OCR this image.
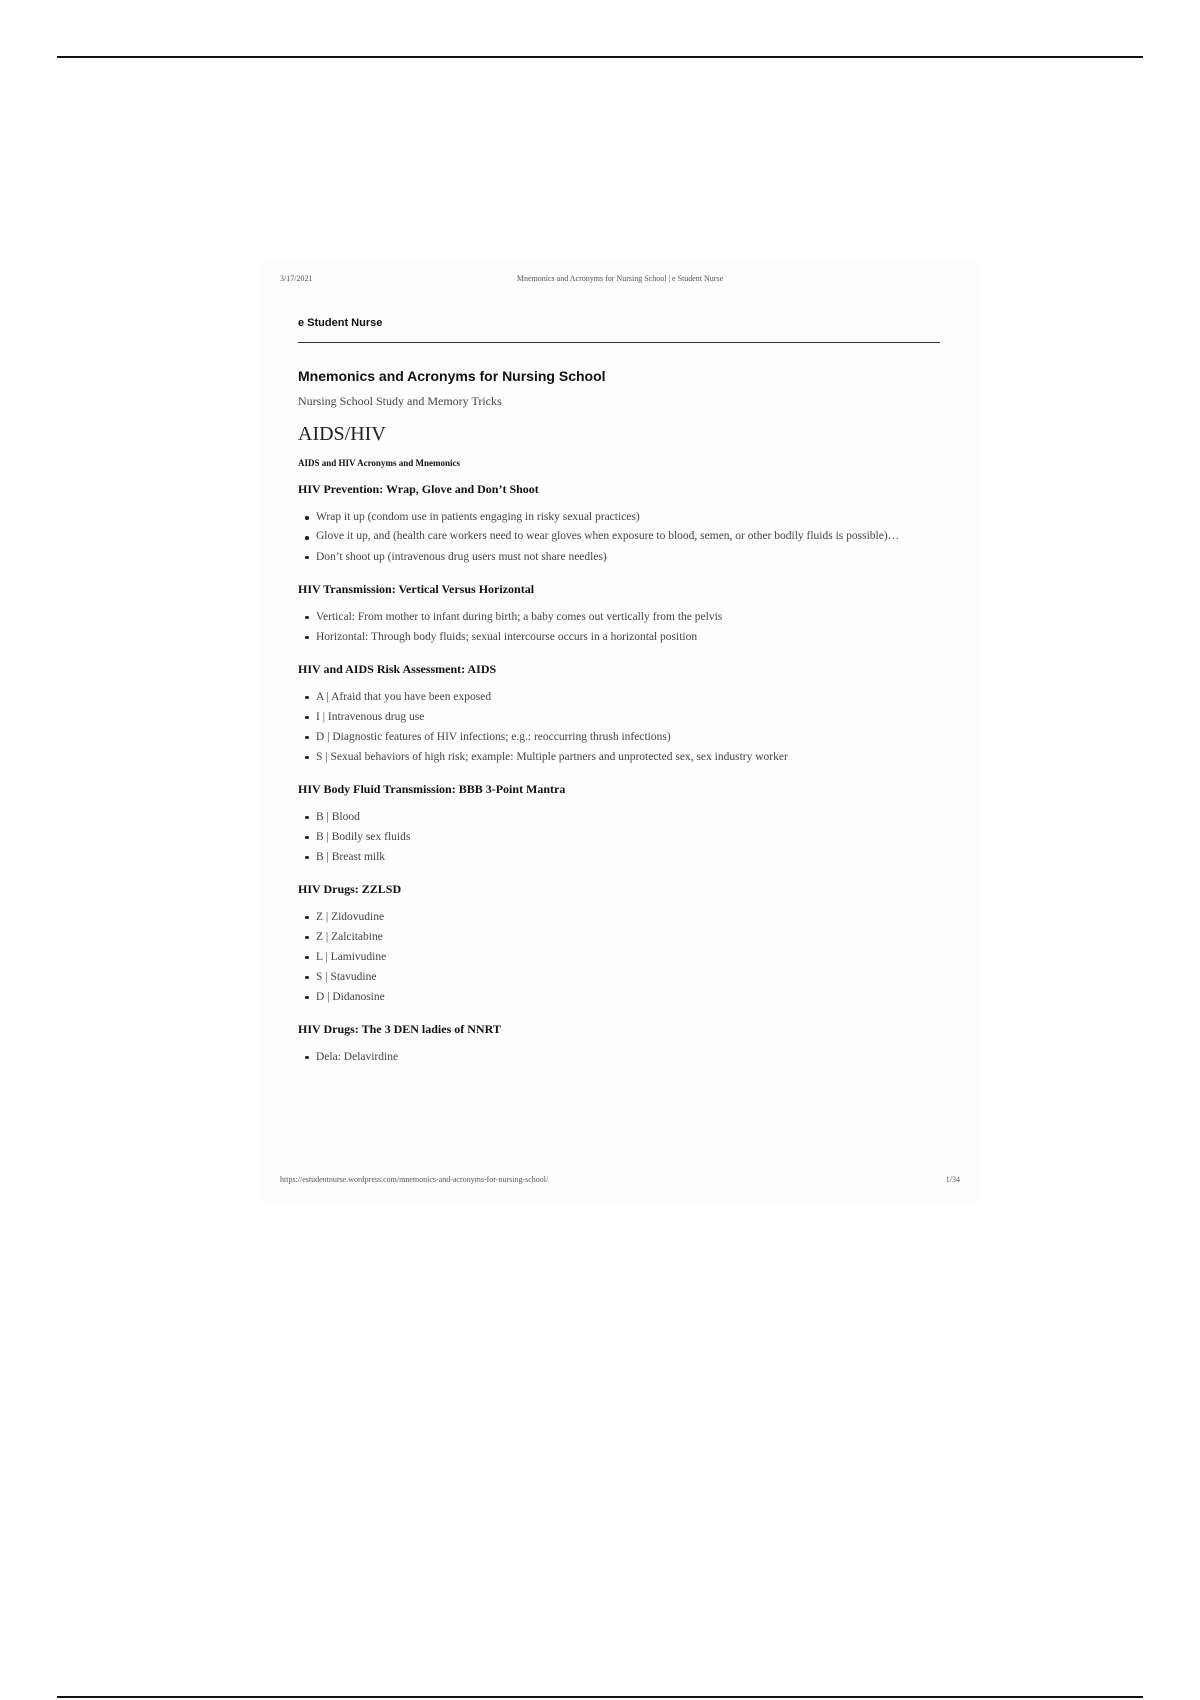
3/17/2021	Mnemonics and Acronyms for Nursing School | e Student Nurse
e Student Nurse
Mnemonics and Acronyms for Nursing School
Nursing School Study and Memory Tricks
AIDS/HIV
AIDS and HIV Acronyms and Mnemonics
HIV Prevention: Wrap, Glove and Don’t Shoot
Wrap it up (condom use in patients engaging in risky sexual practices)
Glove it up, and (health care workers need to wear gloves when exposure to blood, semen, or other bodily fluids is possible)…
Don’t shoot up (intravenous drug users must not share needles)
HIV Transmission: Vertical Versus Horizontal
Vertical: From mother to infant during birth; a baby comes out vertically from the pelvis
Horizontal: Through body fluids; sexual intercourse occurs in a horizontal position
HIV and AIDS Risk Assessment: AIDS
A | Afraid that you have been exposed
I | Intravenous drug use
D | Diagnostic features of HIV infections; e.g.: reoccurring thrush infections)
S | Sexual behaviors of high risk; example: Multiple partners and unprotected sex, sex industry worker
HIV Body Fluid Transmission: BBB 3-Point Mantra
B | Blood
B | Bodily sex fluids
B | Breast milk
HIV Drugs: ZZLSD
Z | Zidovudine
Z | Zalcitabine
L | Lamivudine
S | Stavudine
D | Didanosine
HIV Drugs: The 3 DEN ladies of NNRT
Dela: Delavirdine
https://estudentnurse.wordpress.com/mnemonics-and-acronyms-for-nursing-school/	1/34
